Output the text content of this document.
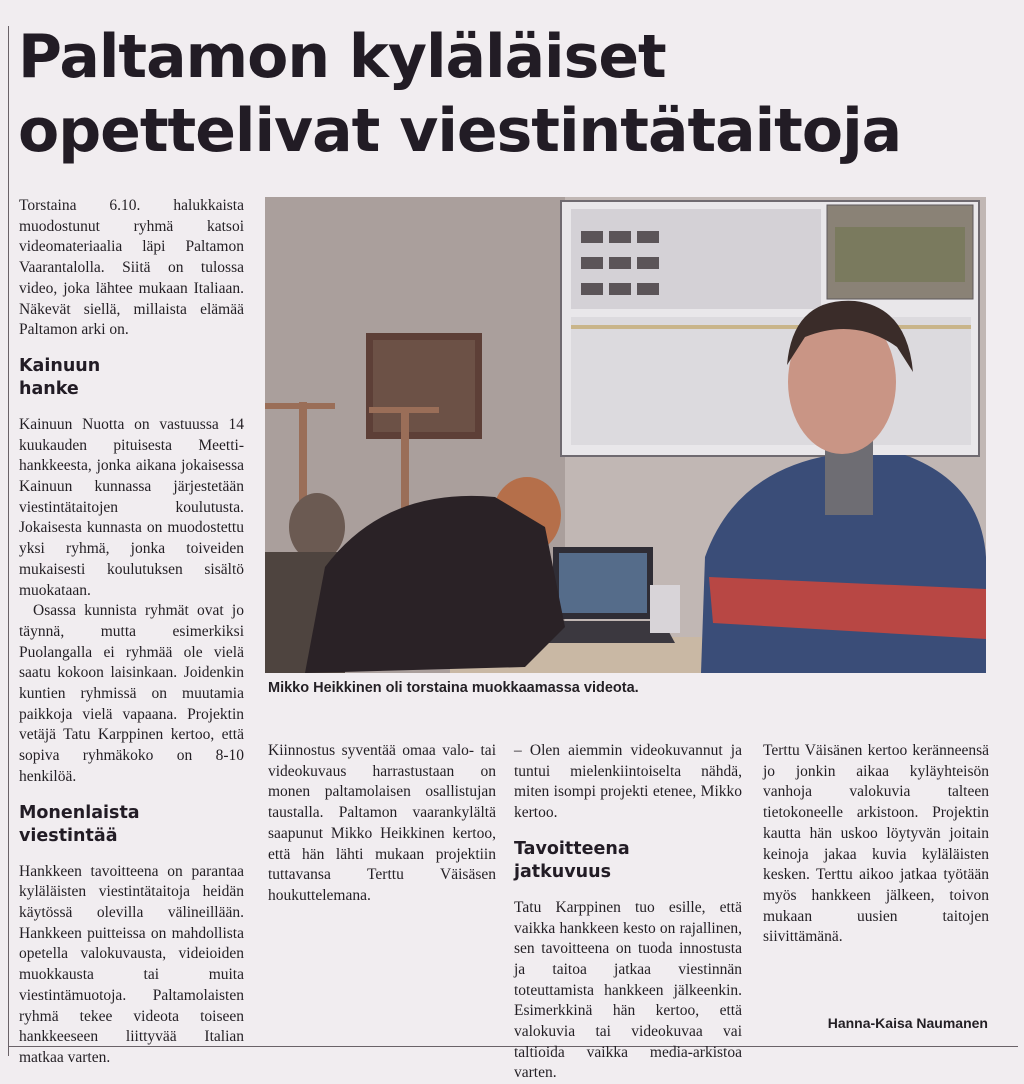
Paltamon kyläläiset
opettelivat viestintätaitoja

Torstaina 6.10. halukkaista muodostunut ryhmä katsoi videomateriaalia läpi Paltamon Vaarantalolla. Siitä on tulossa video, joka lähtee mukaan Italiaan. Näkevät siellä, millaista elämää Paltamon arki on.

Kainuun
hanke

Kainuun Nuotta on vastuussa 14 kuukauden pituisesta Meetti-hankkeesta, jonka aikana jokaisessa Kainuun kunnassa järjestetään viestintätaitojen koulutusta. Jokaisesta kunnasta on muodostettu yksi ryhmä, jonka toiveiden mukaisesti koulutuksen sisältö muokataan.

Osassa kunnista ryhmät ovat jo täynnä, mutta esimerkiksi Puolangalla ei ryhmää ole vielä saatu kokoon laisinkaan. Joidenkin kuntien ryhmissä on muutamia paikkoja vielä vapaana. Projektin vetäjä Tatu Karppinen kertoo, että sopiva ryhmäkoko on 8-10 henkilöä.

Monenlaista
viestintää

Hankkeen tavoitteena on parantaa kyläläisten viestintätaitoja heidän käytössä olevilla välineillään. Hankkeen puitteissa on mahdollista opetella valokuvausta, videioiden muokkausta tai muita viestintämuotoja. Paltamolaisten ryhmä tekee videota toiseen hankkeeseen liittyvää Italian matkaa varten.

Kiinnostus syventää omaa valo- tai videokuvaus harrastustaan on monen paltamolaisen osallistujan taustalla. Paltamon vaarankylältä saapunut Mikko Heikkinen kertoo, että hän lähti mukaan projektiin tuttavansa Terttu Väisäsen houkuttelemana.

– Olen aiemmin videokuvannut ja tuntui mielenkiintoiselta nähdä, miten isompi projekti etenee, Mikko kertoo.

Tavoitteena
jatkuvuus

Tatu Karppinen tuo esille, että vaikka hankkeen kesto on rajallinen, sen tavoitteena on tuoda innostusta ja taitoa jatkaa viestinnän toteuttamista hankkeen jälkeenkin. Esimerkkinä hän kertoo, että valokuvia tai videokuvaa vai taltioida vaikka media-arkistoa varten.

Terttu Väisänen kertoo keränneensä jo jonkin aikaa kyläyhteisön vanhoja valokuvia talteen tietokoneelle arkistoon. Projektin kautta hän uskoo löytyvän joitain keinoja jakaa kuvia kyläläisten kesken. Terttu aikoo jatkaa työtään myös hankkeen jälkeen, toivon mukaan uusien taitojen siivittämänä.

Mikko Heikkinen oli torstaina muokkaamassa videota.
Hanna-Kaisa Naumanen
